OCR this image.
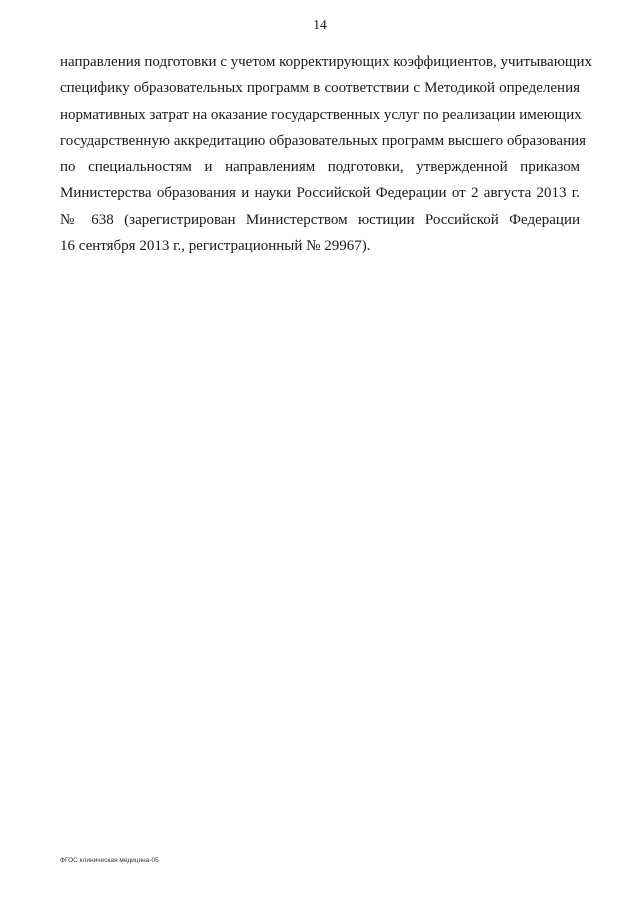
14
направления подготовки с учетом корректирующих коэффициентов, учитывающих
специфику образовательных программ в соответствии с Методикой определения
нормативных затрат на оказание государственных услуг по реализации имеющих
государственную аккредитацию образовательных программ высшего образования
по специальностям и направлениям подготовки, утвержденной приказом
Министерства образования и науки Российской Федерации от 2 августа 2013 г.
№ 638 (зарегистрирован Министерством юстиции Российской Федерации
16 сентября 2013 г., регистрационный № 29967).
ФГОС клиническая медицина-05
